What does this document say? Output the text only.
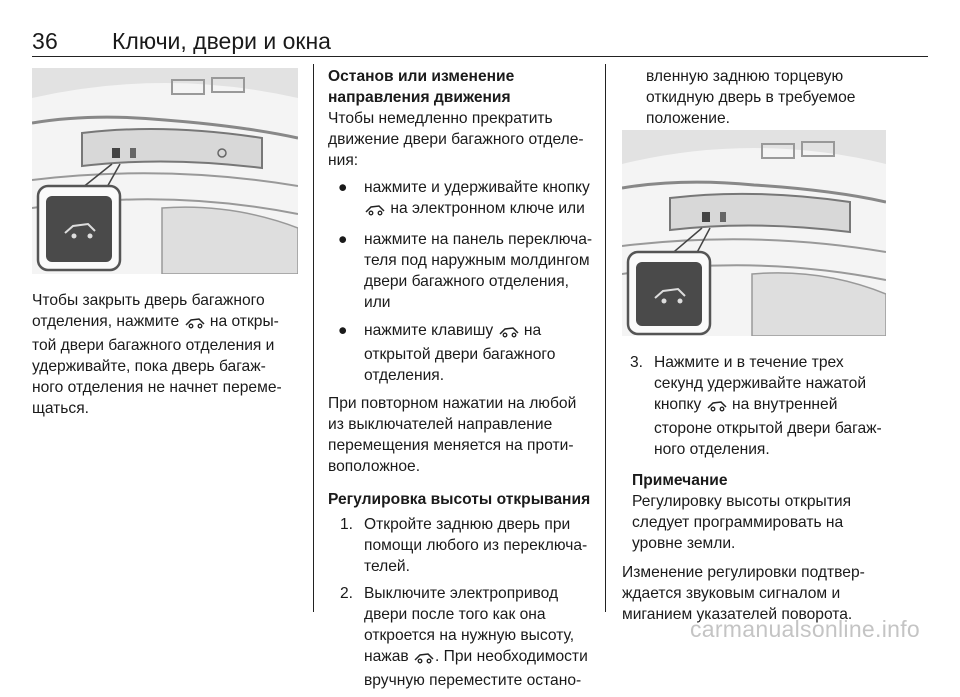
36 Ключи, двери и окна

Чтобы закрыть дверь багажного
отделения, нажмите  на откры-
той двери багажного отделения и
удерживайте, пока дверь багаж-
ного отделения не начнет переме-
щаться.

Останов или изменение
направления движения

Чтобы немедленно прекратить
движение двери багажного отделе-
ния:

● нажмите и удерживайте кнопку
на электронном ключе или
● нажмите на панель переключа-
теля под наружным молдингом
двери багажного отделения,
или
● нажмите клавишу  на
открытой двери багажного
отделения.

При повторном нажатии на любой
из выключателей направление
перемещения меняется на проти-
воположное.

Регулировка высоты открывания

1. Откройте заднюю дверь при
помощи любого из переключа-
телей.
2. Выключите электропривод
двери после того как она
откроется на нужную высоту,
нажав . При необходимости
вручную переместите остано-

вленную заднюю торцевую
откидную дверь в требуемое
положение.

3. Нажмите и в течение трех
секунд удерживайте нажатой
кнопку  на внутренней
стороне открытой двери багаж-
ного отделения.

Примечание

Регулировку высоты открытия
следует программировать на
уровне земли.

Изменение регулировки подтвер-
ждается звуковым сигналом и
миганием указателей поворота.

carmanualsonline.info
